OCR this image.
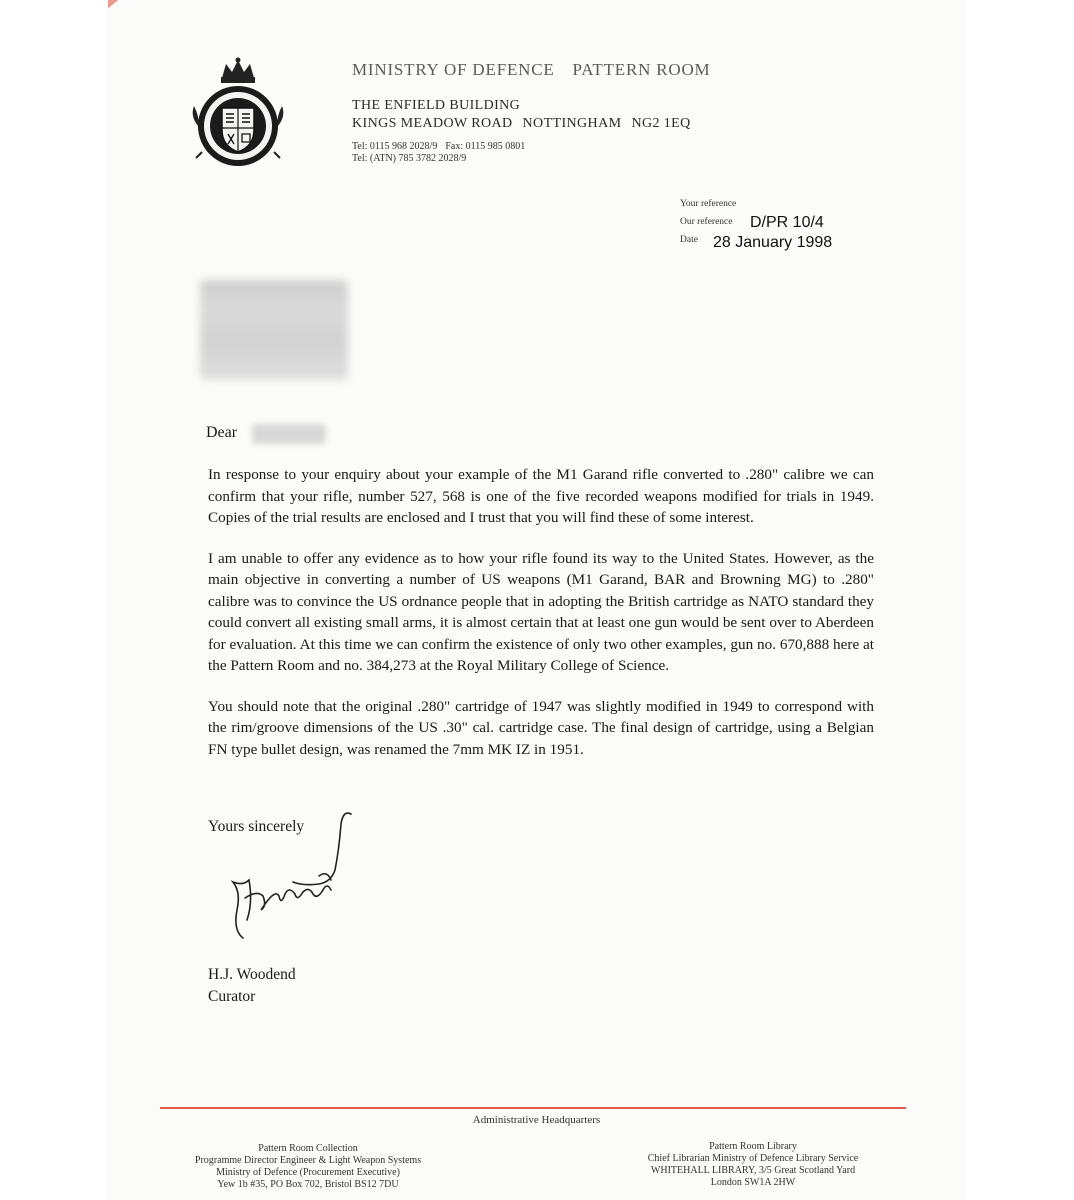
MINISTRY OF DEFENCE PATTERN ROOM
THE ENFIELD BUILDING
KINGS MEADOW ROAD NOTTINGHAM NG2 1EQ
Tel: 0115 968 2028/9 Fax: 0115 985 0801
Tel: (ATN) 785 3782 2028/9
Your reference
Our reference D/PR 10/4
Date 28 January 1998
Dear

In response to your enquiry about your example of the M1 Garand rifle converted to .280" calibre we can confirm that your rifle, number 527, 568 is one of the five recorded weapons modified for trials in 1949. Copies of the trial results are enclosed and I trust that you will find these of some interest.

I am unable to offer any evidence as to how your rifle found its way to the United States. However, as the main objective in converting a number of US weapons (M1 Garand, BAR and Browning MG) to .280" calibre was to convince the US ordnance people that in adopting the British cartridge as NATO standard they could convert all existing small arms, it is almost certain that at least one gun would be sent over to Aberdeen for evaluation. At this time we can confirm the existence of only two other examples, gun no. 670,888 here at the Pattern Room and no. 384,273 at the Royal Military College of Science.

You should note that the original .280" cartridge of 1947 was slightly modified in 1949 to correspond with the rim/groove dimensions of the US .30" cal. cartridge case. The final design of cartridge, using a Belgian FN type bullet design, was renamed the 7mm MK IZ in 1951.

Yours sincerely
H.J. Woodend
Curator
Administrative Headquarters
Pattern Room Collection
Programme Director Engineer & Light Weapon Systems
Ministry of Defence (Procurement Executive)
Yew 1b #35, PO Box 702, Bristol BS12 7DU
Pattern Room Library
Chief Librarian Ministry of Defence Library Service
WHITEHALL LIBRARY, 3/5 Great Scotland Yard
London SW1A 2HW
